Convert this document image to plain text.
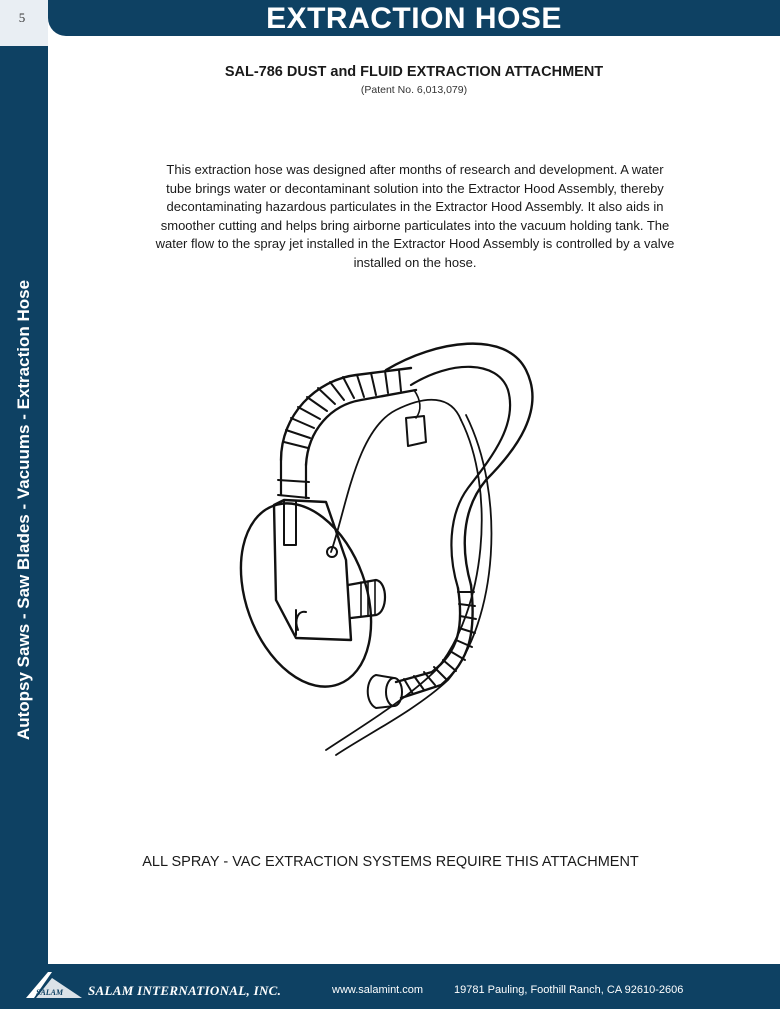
5	EXTRACTION HOSE
Autopsy Saws - Saw Blades - Vacuums - Extraction Hose
SAL-786 DUST and FLUID EXTRACTION ATTACHMENT
(Patent No. 6,013,079)
This extraction hose was designed after months of research and development. A water
tube brings water or decontaminant solution into the Extractor Hood Assembly, thereby
decontaminating hazardous particulates in the Extractor Hood Assembly. It also aids in
smoother cutting and helps bring airborne particulates into the vacuum holding tank. The
water flow to the spray jet installed in the Extractor Hood Assembly is controlled by a valve
installed on the hose.
ALL SPRAY - VAC EXTRACTION SYSTEMS REQUIRE THIS ATTACHMENT
SALAM SALAM INTERNATIONAL, INC.	www.salamint.com	19781 Pauling, Foothill Ranch, CA 92610-2606
